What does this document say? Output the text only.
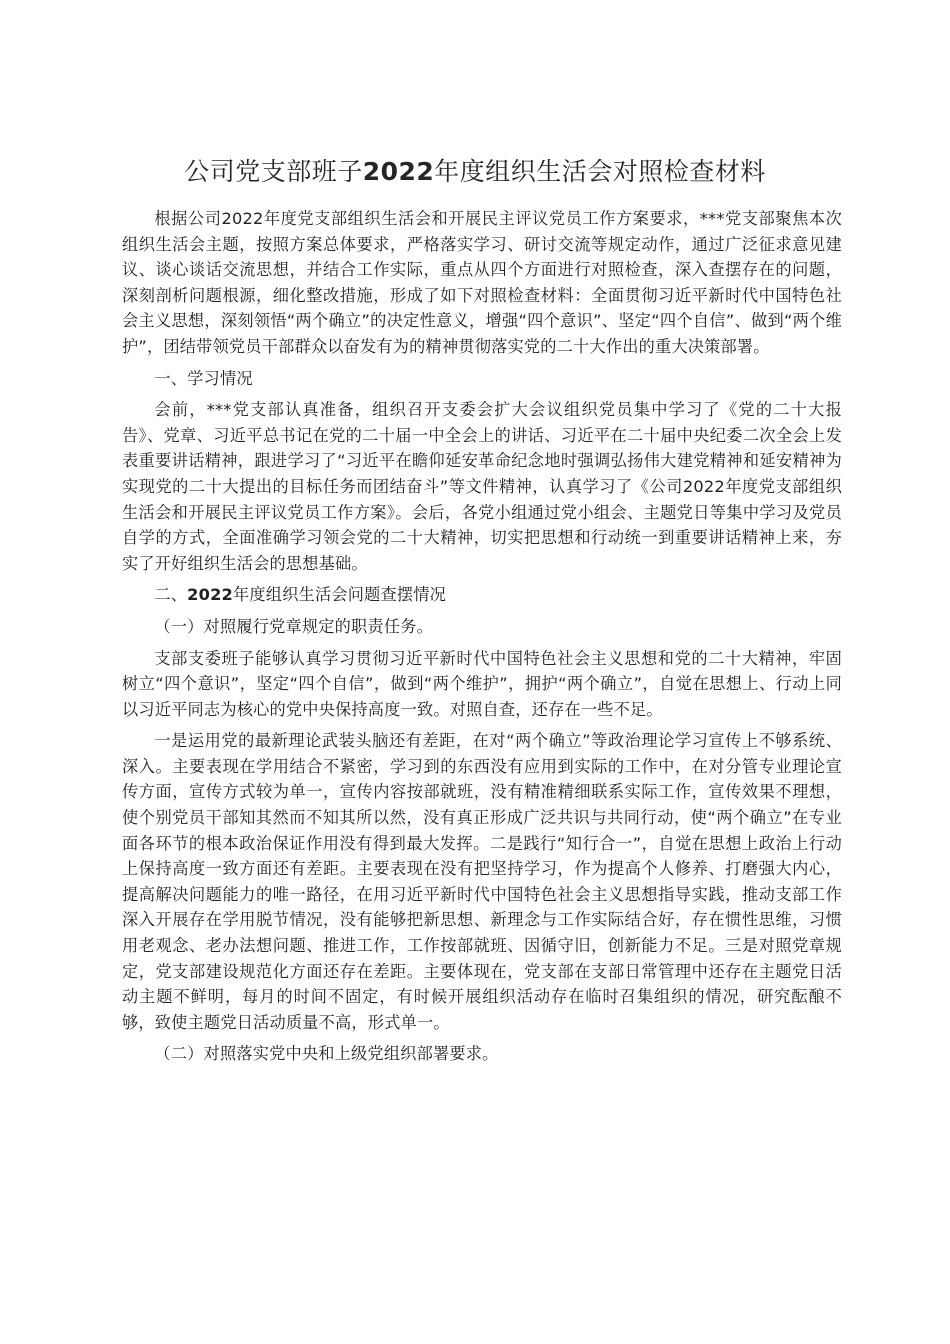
公司党支部班子2022年度组织生活会对照检查材料

根据公司2022年度党支部组织生活会和开展民主评议党员工作方案要求，***党支部聚焦本次组织生活会主题，按照方案总体要求，严格落实学习、研讨交流等规定动作，通过广泛征求意见建议、谈心谈话交流思想，并结合工作实际，重点从四个方面进行对照检查，深入查摆存在的问题，深刻剖析问题根源，细化整改措施，形成了如下对照检查材料：全面贯彻习近平新时代中国特色社会主义思想，深刻领悟“两个确立”的决定性意义，增强“四个意识”、坚定“四个自信”、做到“两个维护”，团结带领党员干部群众以奋发有为的精神贯彻落实党的二十大作出的重大决策部署。

一、学习情况

会前，***党支部认真准备，组织召开支委会扩大会议组织党员集中学习了《党的二十大报告》、党章、习近平总书记在党的二十届一中全会上的讲话、习近平在二十届中央纪委二次全会上发表重要讲话精神，跟进学习了“习近平在瞻仰延安革命纪念地时强调弘扬伟大建党精神和延安精神为实现党的二十大提出的目标任务而团结奋斗”等文件精神，认真学习了《公司2022年度党支部组织生活会和开展民主评议党员工作方案》。会后，各党小组通过党小组会、主题党日等集中学习及党员自学的方式，全面准确学习领会党的二十大精神，切实把思想和行动统一到重要讲话精神上来，夯实了开好组织生活会的思想基础。

二、2022年度组织生活会问题查摆情况

（一）对照履行党章规定的职责任务。

支部支委班子能够认真学习贯彻习近平新时代中国特色社会主义思想和党的二十大精神，牢固树立“四个意识”，坚定“四个自信”，做到“两个维护”，拥护“两个确立”，自觉在思想上、行动上同以习近平同志为核心的党中央保持高度一致。对照自查，还存在一些不足。

一是运用党的最新理论武装头脑还有差距，在对“两个确立”等政治理论学习宣传上不够系统、深入。主要表现在学用结合不紧密，学习到的东西没有应用到实际的工作中，在对分管专业理论宣传方面，宣传方式较为单一，宣传内容按部就班，没有精准精细联系实际工作，宣传效果不理想，使个别党员干部知其然而不知其所以然，没有真正形成广泛共识与共同行动，使“两个确立”在专业面各环节的根本政治保证作用没有得到最大发挥。二是践行“知行合一”，自觉在思想上政治上行动上保持高度一致方面还有差距。主要表现在没有把坚持学习，作为提高个人修养、打磨强大内心，提高解决问题能力的唯一路径，在用习近平新时代中国特色社会主义思想指导实践，推动支部工作深入开展存在学用脱节情况，没有能够把新思想、新理念与工作实际结合好，存在惯性思维，习惯用老观念、老办法想问题、推进工作，工作按部就班、因循守旧，创新能力不足。三是对照党章规定，党支部建设规范化方面还存在差距。主要体现在，党支部在支部日常管理中还存在主题党日活动主题不鲜明，每月的时间不固定，有时候开展组织活动存在临时召集组织的情况，研究酝酿不够，致使主题党日活动质量不高，形式单一。

（二）对照落实党中央和上级党组织部署要求。
